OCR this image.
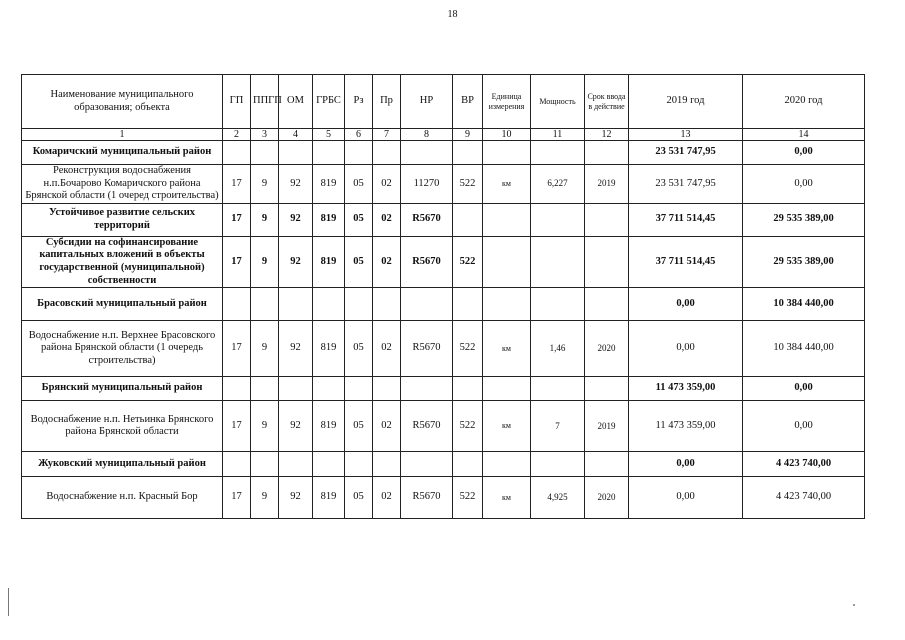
18
Наименование муниципального образования; объекта	ГП	ППГП	ОМ	ГРБС	Рз	Пр	НР	ВР	Единица измерения	Мощность	Срок ввода в действие	2019 год	2020 год
1	2	3	4	5	6	7	8	9	10	11	12	13	14
Комаричский муниципальный район												23 531 747,95	0,00
Реконструкция водоснабжения н.п.Бочарово Комаричского района Брянской области (1 очеред строительства)	17	9	92	819	05	02	11270	522	км	6,227	2019	23 531 747,95	0,00
Устойчивое развитие сельских территорий	17	9	92	819	05	02	R5670					37 711 514,45	29 535 389,00
Субсидии на софинансирование капитальных вложений в объекты государственной (муниципальной) собственности	17	9	92	819	05	02	R5670	522				37 711 514,45	29 535 389,00
Брасовский муниципальный район												0,00	10 384 440,00
Водоснабжение н.п. Верхнее Брасовского района Брянской области (1 очередь строительства)	17	9	92	819	05	02	R5670	522	км	1,46	2020	0,00	10 384 440,00
Брянский муниципальный район												11 473 359,00	0,00
Водоснабжение н.п. Нетьинка Брянского района Брянской области	17	9	92	819	05	02	R5670	522	км	7	2019	11 473 359,00	0,00
Жуковский муниципальный район												0,00	4 423 740,00
Водоснабжение н.п. Красный Бор	17	9	92	819	05	02	R5670	522	км	4,925	2020	0,00	4 423 740,00
